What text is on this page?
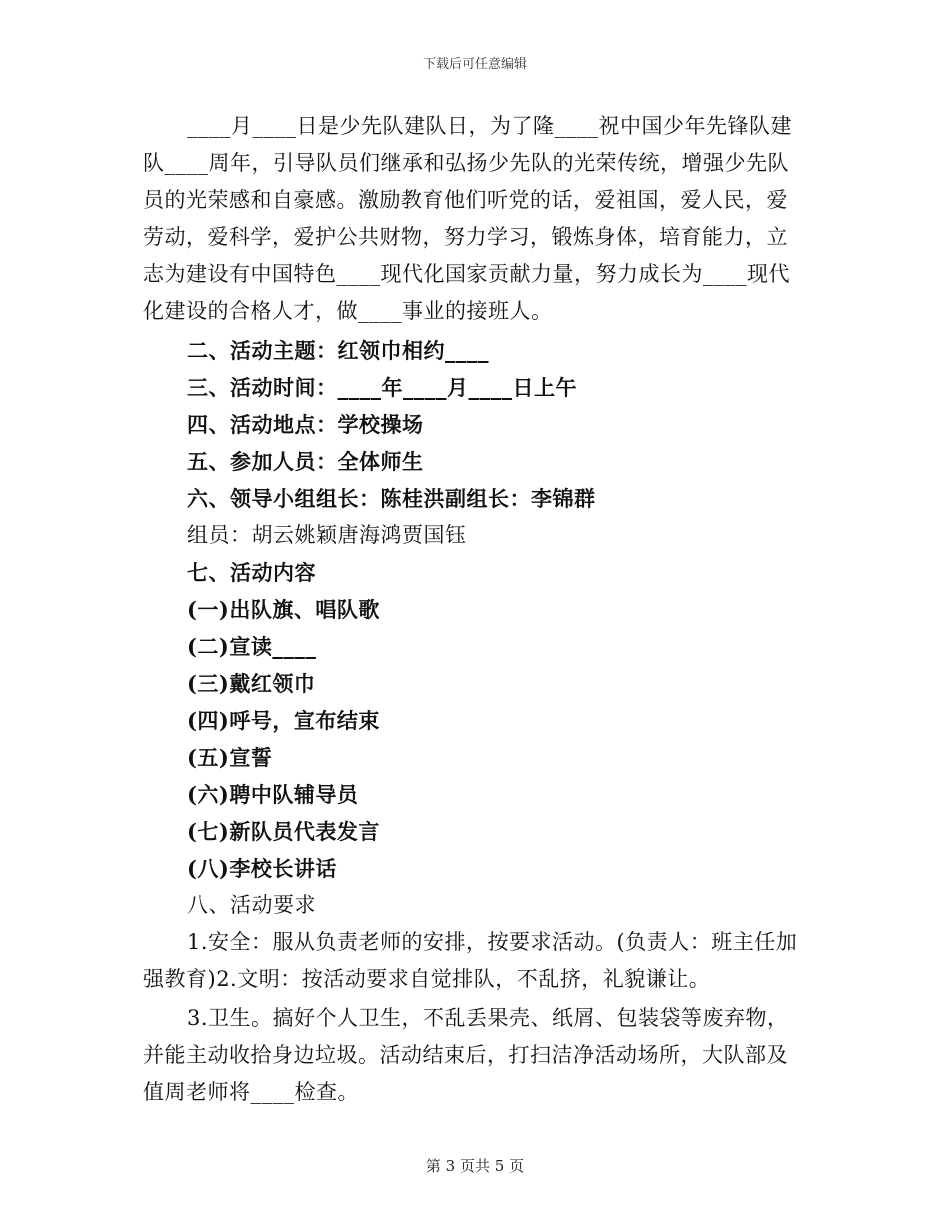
下载后可任意编辑

____月____日是少先队建队日，为了隆____祝中国少年先锋队建队____周年，引导队员们继承和弘扬少先队的光荣传统，增强少先队员的光荣感和自豪感。激励教育他们听党的话，爱祖国，爱人民，爱劳动，爱科学，爱护公共财物，努力学习，锻炼身体，培育能力，立志为建设有中国特色____现代化国家贡献力量，努力成长为____现代化建设的合格人才，做____事业的接班人。

二、活动主题：红领巾相约____
三、活动时间：____年____月____日上午
四、活动地点：学校操场
五、参加人员：全体师生
六、领导小组组长：陈桂洪副组长：李锦群
组员：胡云姚颖唐海鸿贾国钰
七、活动内容
(一)出队旗、唱队歌
(二)宣读____
(三)戴红领巾
(四)呼号，宣布结束
(五)宣誓
(六)聘中队辅导员
(七)新队员代表发言
(八)李校长讲话
八、活动要求

1.安全：服从负责老师的安排，按要求活动。(负责人：班主任加强教育)2.文明：按活动要求自觉排队，不乱挤，礼貌谦让。

3.卫生。搞好个人卫生，不乱丢果壳、纸屑、包装袋等废弃物，并能主动收拾身边垃圾。活动结束后，打扫洁净活动场所，大队部及值周老师将____检查。

第 3 页共 5 页
